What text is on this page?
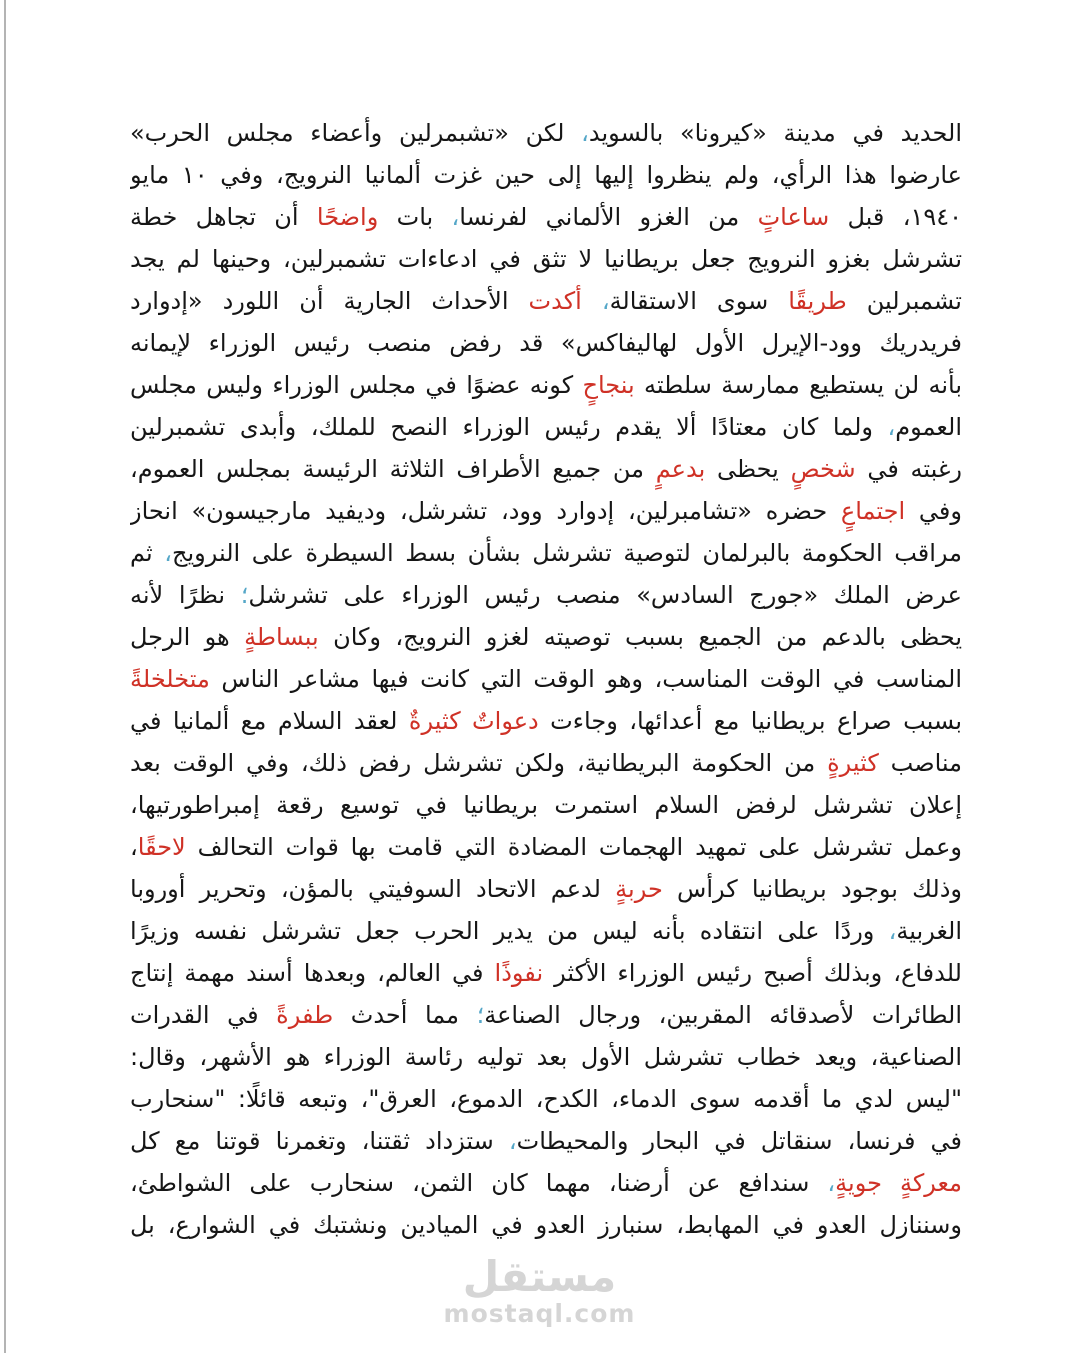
الحديد في مدينة «كيرونا» بالسويد، لكن «تشبمرلين وأعضاء مجلس الحرب»
عارضوا هذا الرأي، ولم ينظروا إليها إلى حين غزت ألمانيا النرويج، وفي ١٠ مايو
١٩٤٠، قبل ساعاتٍ من الغزو الألماني لفرنسا، بات واضحًا أن تجاهل خطة
تشرشل بغزو النرويج جعل بريطانيا لا تثق في ادعاءات تشمبرلين، وحينها لم يجد
تشمبرلين طريقًا سوى الاستقالة، أكدت الأحداث الجارية أن اللورد «إدوارد
فريدريك وود-الإيرل الأول لهاليفاكس» قد رفض منصب رئيس الوزراء لإيمانه
بأنه لن يستطيع ممارسة سلطته بنجاحٍ كونه عضوًا في مجلس الوزراء وليس مجلس
العموم، ولما كان معتادًا ألا يقدم رئيس الوزراء النصح للملك، وأبدى تشمبرلين
رغبته في شخصٍ يحظى بدعمٍ من جميع الأطراف الثلاثة الرئيسة بمجلس العموم،
وفي اجتماعٍ حضره «تشامبرلين، إدوارد وود، تشرشل، وديفيد مارجيسون» انحاز
مراقب الحكومة بالبرلمان لتوصية تشرشل بشأن بسط السيطرة على النرويج، ثم
عرض الملك «جورج السادس» منصب رئيس الوزراء على تشرشل؛ نظرًا لأنه
يحظى بالدعم من الجميع بسبب توصيته لغزو النرويج، وكان ببساطةٍ هو الرجل
المناسب في الوقت المناسب، وهو الوقت التي كانت فيها مشاعر الناس متخلخلةً
بسبب صراع بريطانيا مع أعدائها، وجاءت دعواتٌ كثيرةٌ لعقد السلام مع ألمانيا في
مناصب كثيرةٍ من الحكومة البريطانية، ولكن تشرشل رفض ذلك، وفي الوقت بعد
إعلان تشرشل لرفض السلام استمرت بريطانيا في توسيع رقعة إمبراطورتيها،
وعمل تشرشل على تمهيد الهجمات المضادة التي قامت بها قوات التحالف لاحقًا،
وذلك بوجود بريطانيا كرأس حربةٍ لدعم الاتحاد السوفيتي بالمؤن، وتحرير أوروبا
الغربية، وردًا على انتقاده بأنه ليس من يدير الحرب جعل تشرشل نفسه وزيرًا
للدفاع، وبذلك أصبح رئيس الوزراء الأكثر نفوذًا في العالم، وبعدها أسند مهمة إنتاج
الطائرات لأصدقائه المقربين، ورجال الصناعة؛ مما أحدث طفرةً في القدرات
الصناعية، ويعد خطاب تشرشل الأول بعد توليه رئاسة الوزراء هو الأشهر، وقال:
"ليس لدي ما أقدمه سوى الدماء، الكدح، الدموع، العرق"، وتبعه قائلًا: "سنحارب
في فرنسا، سنقاتل في البحار والمحيطات، ستزداد ثقتنا، وتغمرنا قوتنا مع كل
معركةٍ جويةٍ، سندافع عن أرضنا، مهما كان الثمن، سنحارب على الشواطئ،
وسننازل العدو في المهابط، سنبارز العدو في الميادين ونشتبك في الشوارع، بل
مستقل
mostaql.com
